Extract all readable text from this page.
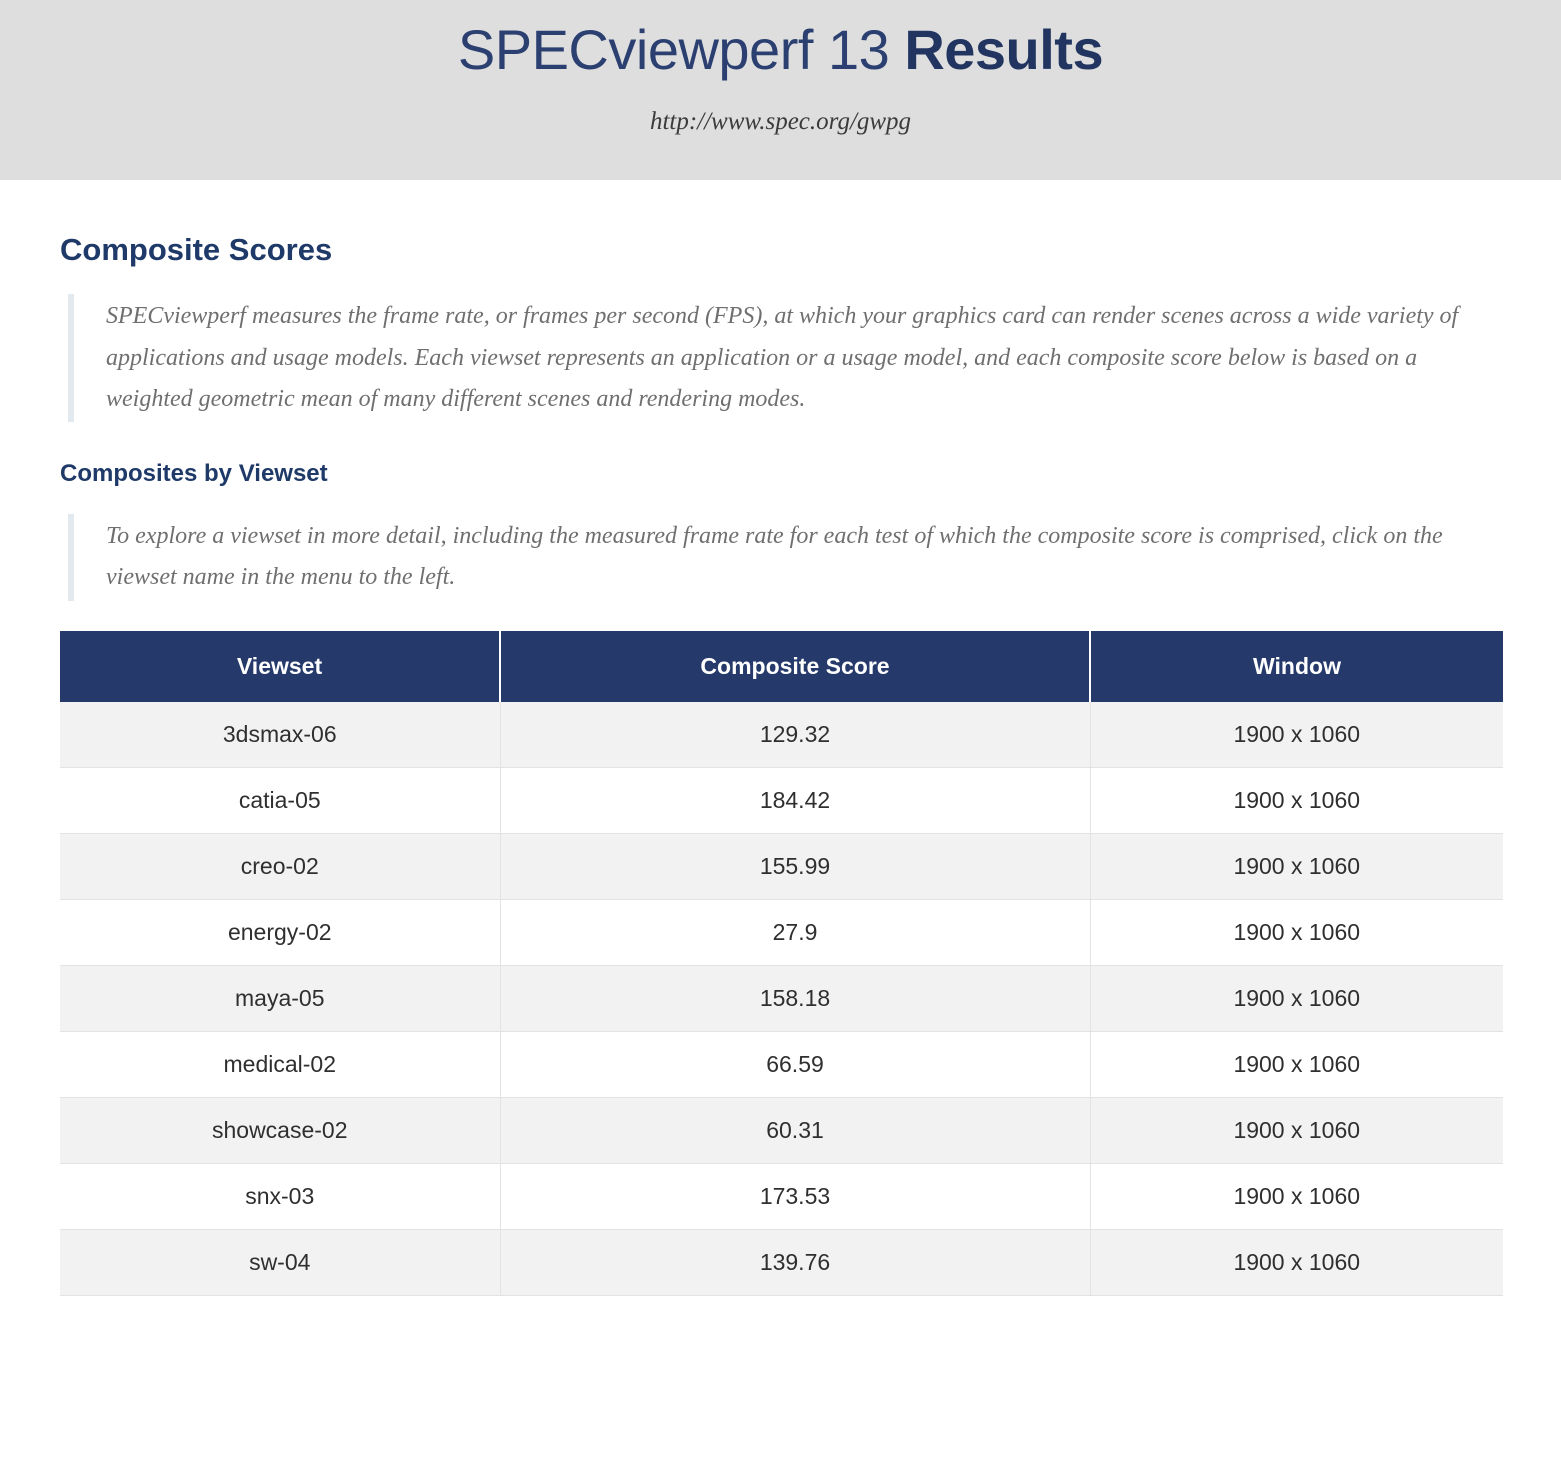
SPECviewperf 13 Results
http://www.spec.org/gwpg
Composite Scores
SPECviewperf measures the frame rate, or frames per second (FPS), at which your graphics card can render scenes across a wide variety of applications and usage models. Each viewset represents an application or a usage model, and each composite score below is based on a weighted geometric mean of many different scenes and rendering modes.
Composites by Viewset
To explore a viewset in more detail, including the measured frame rate for each test of which the composite score is comprised, click on the viewset name in the menu to the left.
Viewset	Composite Score	Window
3dsmax-06	129.32	1900 x 1060
catia-05	184.42	1900 x 1060
creo-02	155.99	1900 x 1060
energy-02	27.9	1900 x 1060
maya-05	158.18	1900 x 1060
medical-02	66.59	1900 x 1060
showcase-02	60.31	1900 x 1060
snx-03	173.53	1900 x 1060
sw-04	139.76	1900 x 1060
